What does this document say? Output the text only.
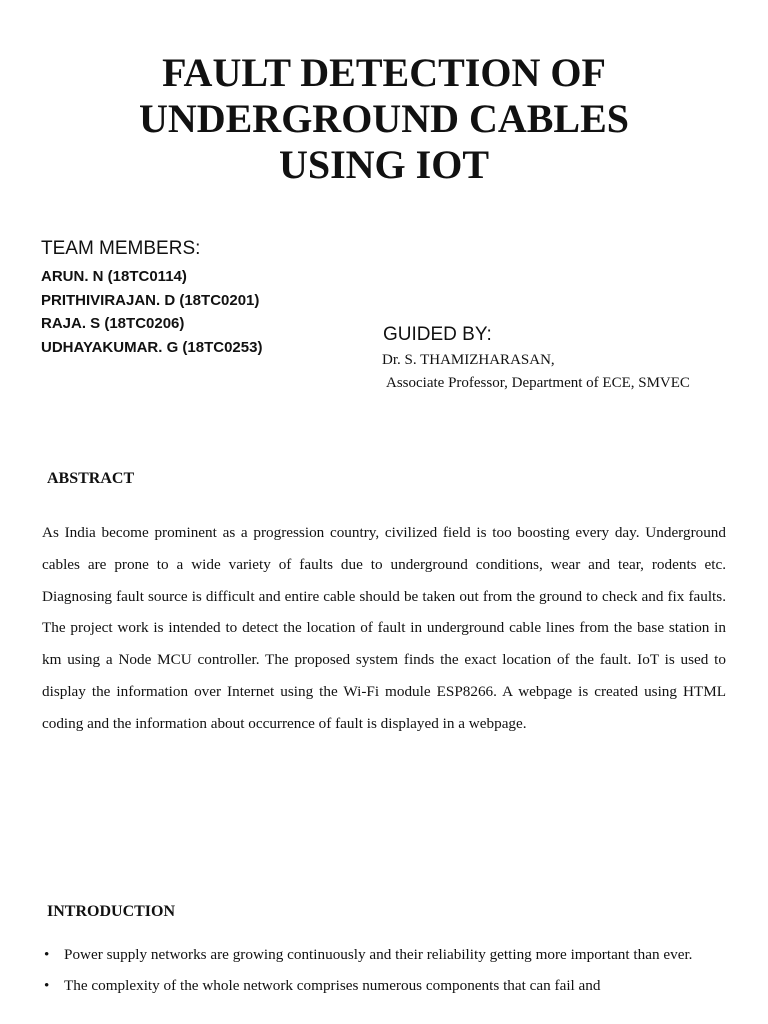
FAULT DETECTION OF
UNDERGROUND CABLES
USING IOT
TEAM MEMBERS:
ARUN. N (18TC0114)
PRITHIVIRAJAN. D (18TC0201)
RAJA. S (18TC0206)
UDHAYAKUMAR. G (18TC0253)
GUIDED BY:
Dr. S. THAMIZHARASAN,
Associate Professor, Department of ECE, SMVEC
ABSTRACT
As India become prominent as a progression country, civilized field is too boosting every day. Underground cables are prone to a wide variety of faults due to underground conditions, wear and tear, rodents etc. Diagnosing fault source is difficult and entire cable should be taken out from the ground to check and fix faults. The project work is intended to detect the location of fault in underground cable lines from the base station in km using a Node MCU controller. The proposed system finds the exact location of the fault. IoT is used to display the information over Internet using the Wi-Fi module ESP8266. A webpage is created using HTML coding and the information about occurrence of fault is displayed in a webpage.
INTRODUCTION
• Power supply networks are growing continuously and their reliability getting more important than ever.
• The complexity of the whole network comprises numerous components that can fail and
